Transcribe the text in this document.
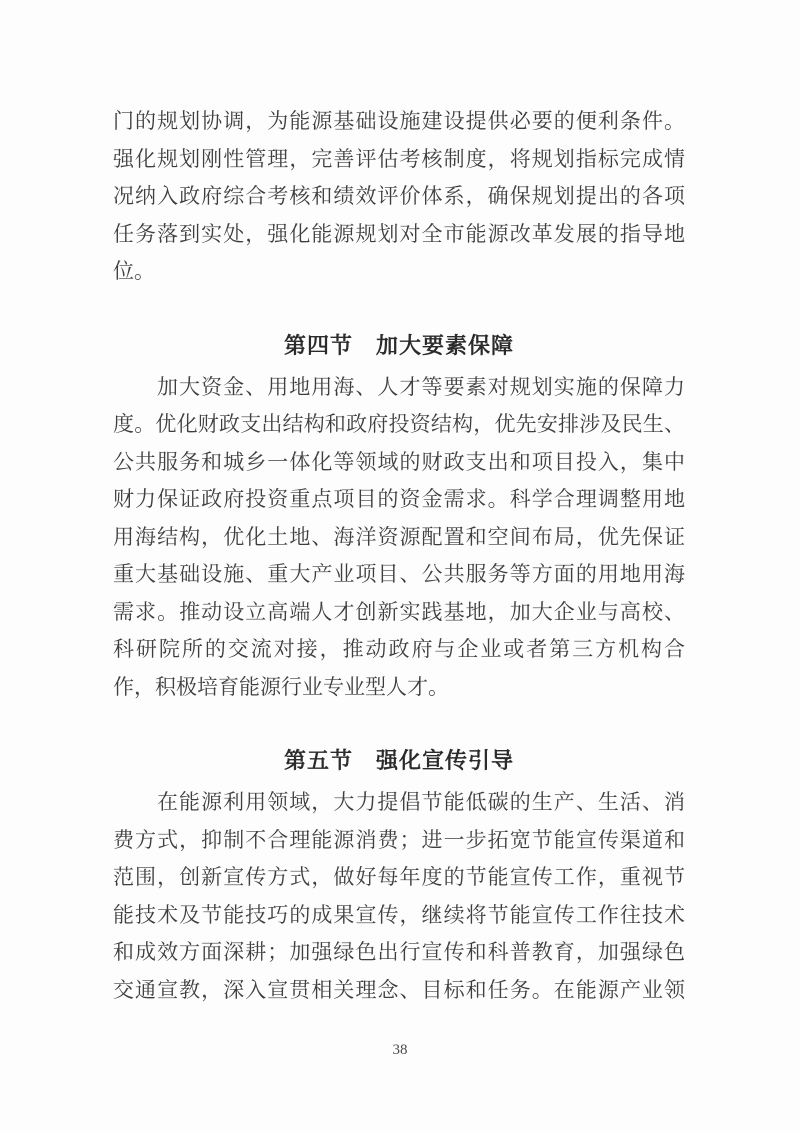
门的规划协调，为能源基础设施建设提供必要的便利条件。
强化规划刚性管理，完善评估考核制度，将规划指标完成情
况纳入政府综合考核和绩效评价体系，确保规划提出的各项
任务落到实处，强化能源规划对全市能源改革发展的指导地
位。
第四节　加大要素保障
加大资金、用地用海、人才等要素对规划实施的保障力
度。优化财政支出结构和政府投资结构，优先安排涉及民生、
公共服务和城乡一体化等领域的财政支出和项目投入，集中
财力保证政府投资重点项目的资金需求。科学合理调整用地
用海结构，优化土地、海洋资源配置和空间布局，优先保证
重大基础设施、重大产业项目、公共服务等方面的用地用海
需求。推动设立高端人才创新实践基地，加大企业与高校、
科研院所的交流对接，推动政府与企业或者第三方机构合
作，积极培育能源行业专业型人才。
第五节　强化宣传引导
在能源利用领域，大力提倡节能低碳的生产、生活、消
费方式，抑制不合理能源消费；进一步拓宽节能宣传渠道和
范围，创新宣传方式，做好每年度的节能宣传工作，重视节
能技术及节能技巧的成果宣传，继续将节能宣传工作往技术
和成效方面深耕；加强绿色出行宣传和科普教育，加强绿色
交通宣教，深入宣贯相关理念、目标和任务。在能源产业领
38
